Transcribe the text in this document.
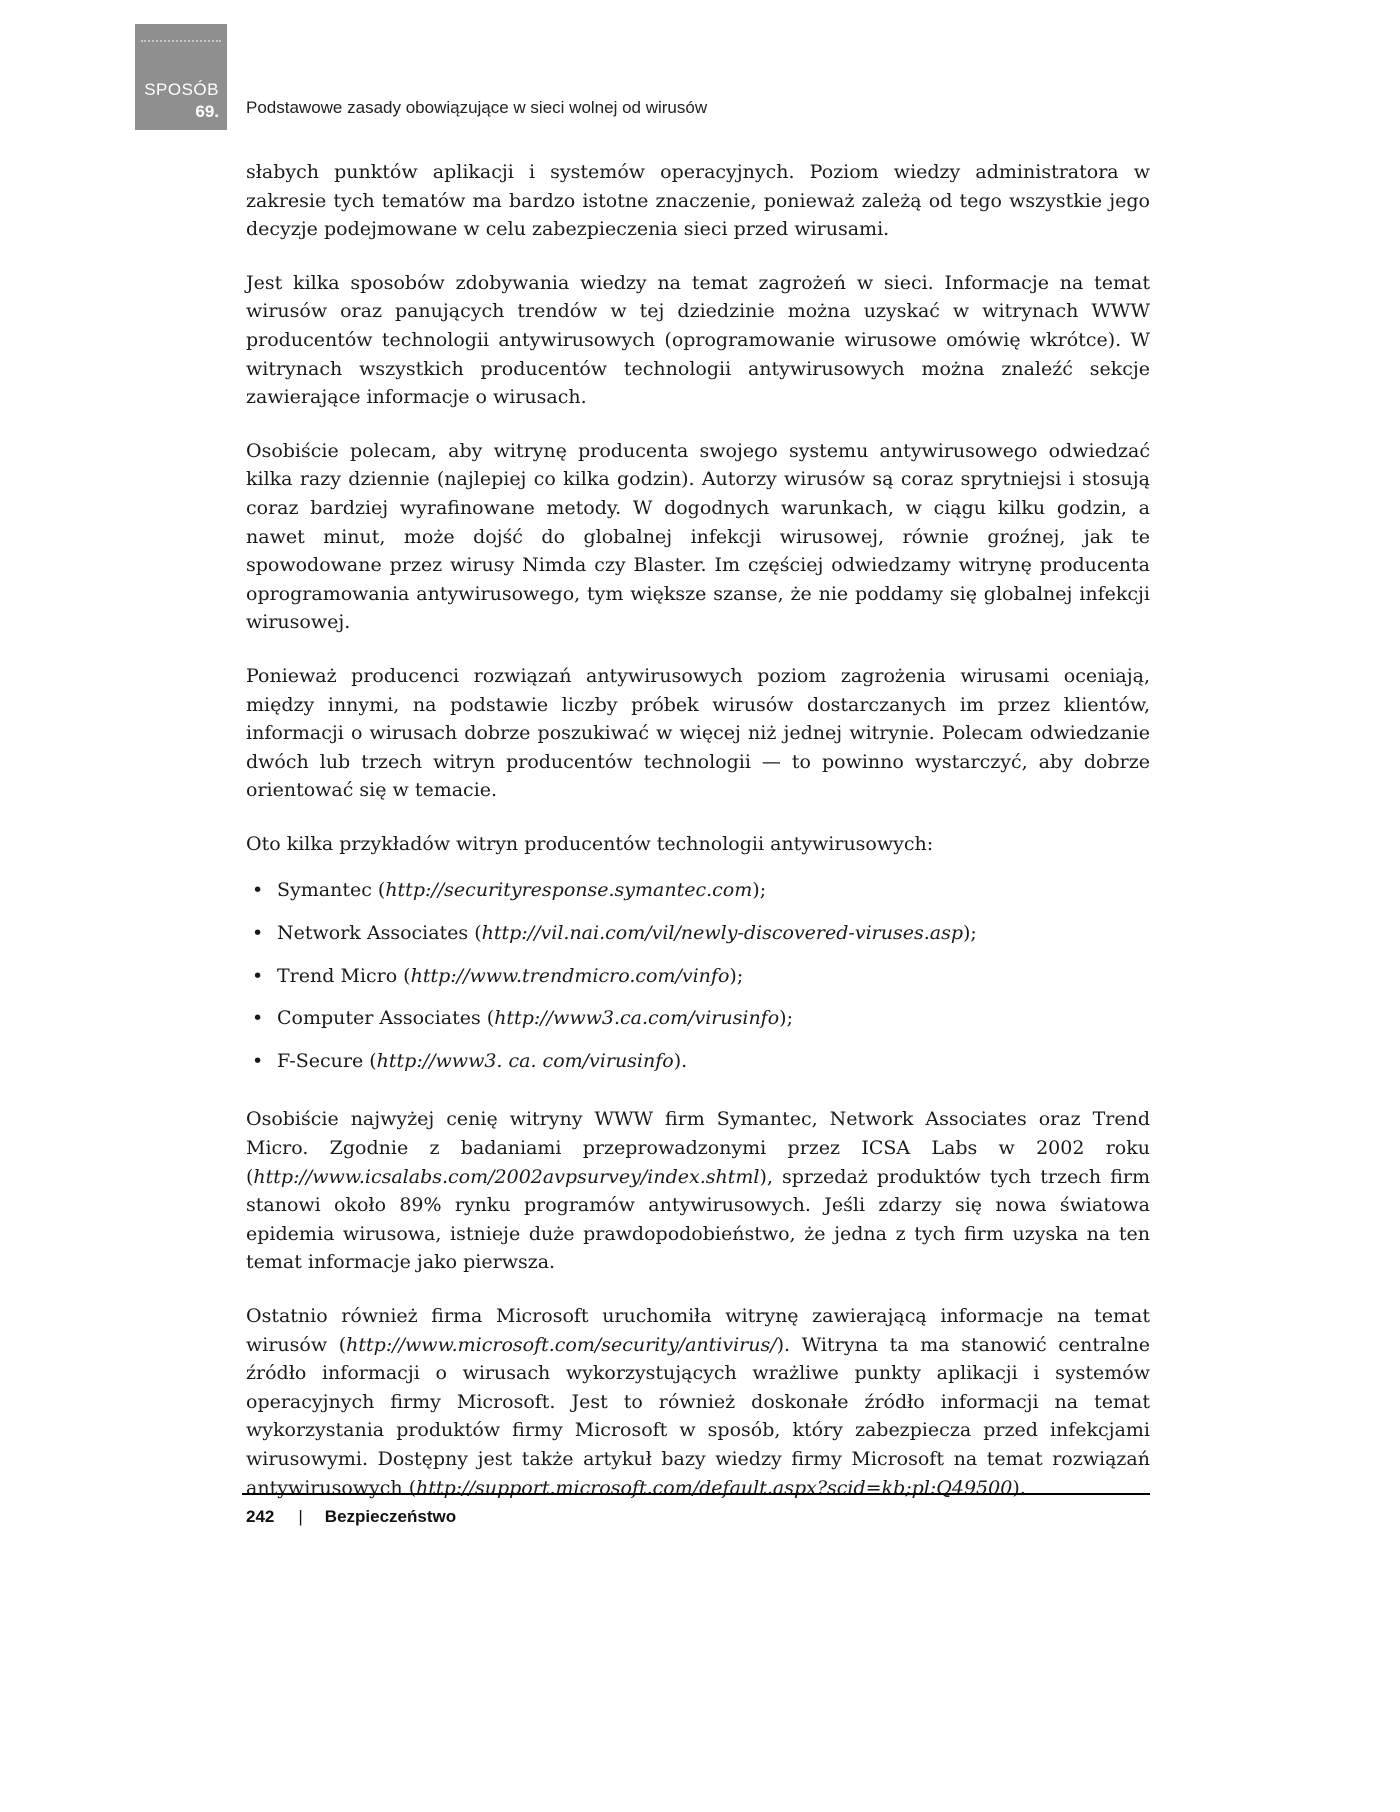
SPOSÓB
69. Podstawowe zasady obowiązujące w sieci wolnej od wirusów

słabych punktów aplikacji i systemów operacyjnych. Poziom wiedzy administratora w zakresie tych tematów ma bardzo istotne znaczenie, ponieważ zależą od tego wszystkie jego decyzje podejmowane w celu zabezpieczenia sieci przed wirusami.

Jest kilka sposobów zdobywania wiedzy na temat zagrożeń w sieci. Informacje na temat wirusów oraz panujących trendów w tej dziedzinie można uzyskać w witrynach WWW producentów technologii antywirusowych (oprogramowanie wirusowe omówię wkrótce). W witrynach wszystkich producentów technologii antywirusowych można znaleźć sekcje zawierające informacje o wirusach.

Osobiście polecam, aby witrynę producenta swojego systemu antywirusowego odwiedzać kilka razy dziennie (najlepiej co kilka godzin). Autorzy wirusów są coraz sprytniejsi i stosują coraz bardziej wyrafinowane metody. W dogodnych warunkach, w ciągu kilku godzin, a nawet minut, może dojść do globalnej infekcji wirusowej, równie groźnej, jak te spowodowane przez wirusy Nimda czy Blaster. Im częściej odwiedzamy witrynę producenta oprogramowania antywirusowego, tym większe szanse, że nie poddamy się globalnej infekcji wirusowej.

Ponieważ producenci rozwiązań antywirusowych poziom zagrożenia wirusami oceniają, między innymi, na podstawie liczby próbek wirusów dostarczanych im przez klientów, informacji o wirusach dobrze poszukiwać w więcej niż jednej witrynie. Polecam odwiedzanie dwóch lub trzech witryn producentów technologii — to powinno wystarczyć, aby dobrze orientować się w temacie.

Oto kilka przykładów witryn producentów technologii antywirusowych:

• Symantec (http://securityresponse.symantec.com);
• Network Associates (http://vil.nai.com/vil/newly-discovered-viruses.asp);
• Trend Micro (http://www.trendmicro.com/vinfo);
• Computer Associates (http://www3.ca.com/virusinfo);
• F-Secure (http://www3. ca. com/virusinfo).

Osobiście najwyżej cenię witryny WWW firm Symantec, Network Associates oraz Trend Micro. Zgodnie z badaniami przeprowadzonymi przez ICSA Labs w 2002 roku (http://www.icsalabs.com/2002avpsurvey/index.shtml), sprzedaż produktów tych trzech firm stanowi około 89% rynku programów antywirusowych. Jeśli zdarzy się nowa światowa epidemia wirusowa, istnieje duże prawdopodobieństwo, że jedna z tych firm uzyska na ten temat informacje jako pierwsza.

Ostatnio również firma Microsoft uruchomiła witrynę zawierającą informacje na temat wirusów (http://www.microsoft.com/security/antivirus/). Witryna ta ma stanowić centralne źródło informacji o wirusach wykorzystujących wrażliwe punkty aplikacji i systemów operacyjnych firmy Microsoft. Jest to również doskonałe źródło informacji na temat wykorzystania produktów firmy Microsoft w sposób, który zabezpiecza przed infekcjami wirusowymi. Dostępny jest także artykuł bazy wiedzy firmy Microsoft na temat rozwiązań antywirusowych (http://support.microsoft.com/default.aspx?scid=kb;pl:Q49500).

242 | Bezpieczeństwo
